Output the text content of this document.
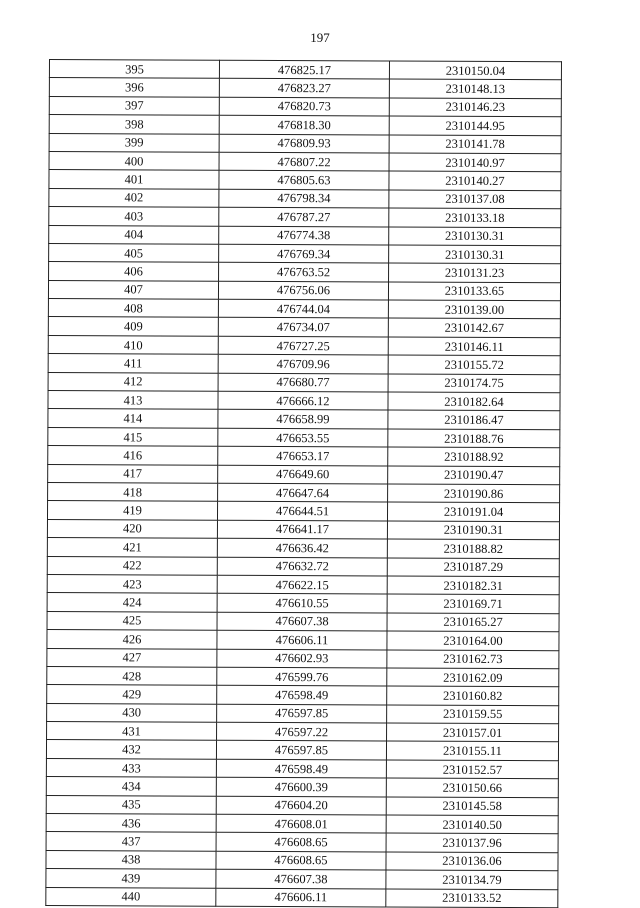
197
395	476825.17	2310150.04
396	476823.27	2310148.13
397	476820.73	2310146.23
398	476818.30	2310144.95
399	476809.93	2310141.78
400	476807.22	2310140.97
401	476805.63	2310140.27
402	476798.34	2310137.08
403	476787.27	2310133.18
404	476774.38	2310130.31
405	476769.34	2310130.31
406	476763.52	2310131.23
407	476756.06	2310133.65
408	476744.04	2310139.00
409	476734.07	2310142.67
410	476727.25	2310146.11
411	476709.96	2310155.72
412	476680.77	2310174.75
413	476666.12	2310182.64
414	476658.99	2310186.47
415	476653.55	2310188.76
416	476653.17	2310188.92
417	476649.60	2310190.47
418	476647.64	2310190.86
419	476644.51	2310191.04
420	476641.17	2310190.31
421	476636.42	2310188.82
422	476632.72	2310187.29
423	476622.15	2310182.31
424	476610.55	2310169.71
425	476607.38	2310165.27
426	476606.11	2310164.00
427	476602.93	2310162.73
428	476599.76	2310162.09
429	476598.49	2310160.82
430	476597.85	2310159.55
431	476597.22	2310157.01
432	476597.85	2310155.11
433	476598.49	2310152.57
434	476600.39	2310150.66
435	476604.20	2310145.58
436	476608.01	2310140.50
437	476608.65	2310137.96
438	476608.65	2310136.06
439	476607.38	2310134.79
440	476606.11	2310133.52
